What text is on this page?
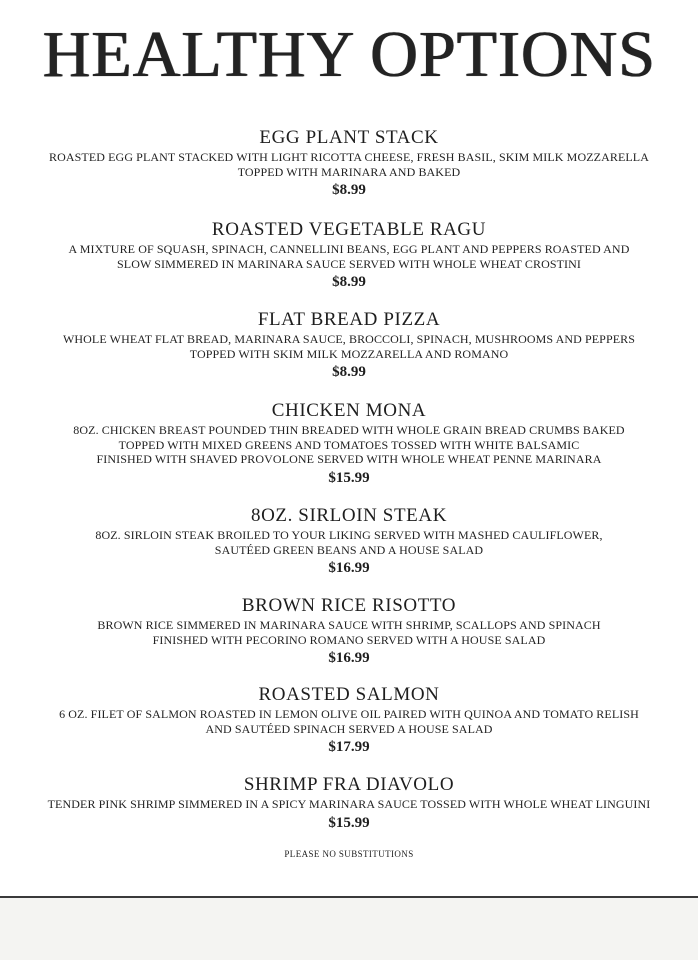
HEALTHY OPTIONS
EGG PLANT STACK
ROASTED EGG PLANT STACKED WITH LIGHT RICOTTA CHEESE, FRESH BASIL, SKIM MILK MOZZARELLA
TOPPED WITH MARINARA AND BAKED
$8.99
ROASTED VEGETABLE RAGU
A MIXTURE OF SQUASH, SPINACH, CANNELLINI BEANS, EGG PLANT AND PEPPERS ROASTED AND
SLOW SIMMERED IN MARINARA SAUCE SERVED WITH WHOLE WHEAT CROSTINI
$8.99
FLAT BREAD PIZZA
WHOLE WHEAT FLAT BREAD, MARINARA SAUCE, BROCCOLI, SPINACH, MUSHROOMS AND PEPPERS
TOPPED WITH SKIM MILK MOZZARELLA AND ROMANO
$8.99
CHICKEN MONA
8OZ. CHICKEN BREAST POUNDED THIN BREADED WITH WHOLE GRAIN BREAD CRUMBS BAKED
TOPPED WITH MIXED GREENS AND TOMATOES TOSSED WITH WHITE BALSAMIC
FINISHED WITH SHAVED PROVOLONE SERVED WITH WHOLE WHEAT PENNE MARINARA
$15.99
8OZ. SIRLOIN STEAK
8OZ. SIRLOIN STEAK BROILED TO YOUR LIKING SERVED WITH MASHED CAULIFLOWER,
SAUTÉED GREEN BEANS AND A HOUSE SALAD
$16.99
BROWN RICE RISOTTO
BROWN RICE SIMMERED IN MARINARA SAUCE WITH SHRIMP, SCALLOPS AND SPINACH
FINISHED WITH PECORINO ROMANO SERVED WITH A HOUSE SALAD
$16.99
ROASTED SALMON
6 OZ. FILET OF SALMON ROASTED IN LEMON OLIVE OIL PAIRED WITH QUINOA AND TOMATO RELISH
AND SAUTÉED SPINACH SERVED A HOUSE SALAD
$17.99
SHRIMP FRA DIAVOLO
TENDER PINK SHRIMP SIMMERED IN A SPICY MARINARA SAUCE TOSSED WITH WHOLE WHEAT LINGUINI
$15.99
PLEASE NO SUBSTITUTIONS
